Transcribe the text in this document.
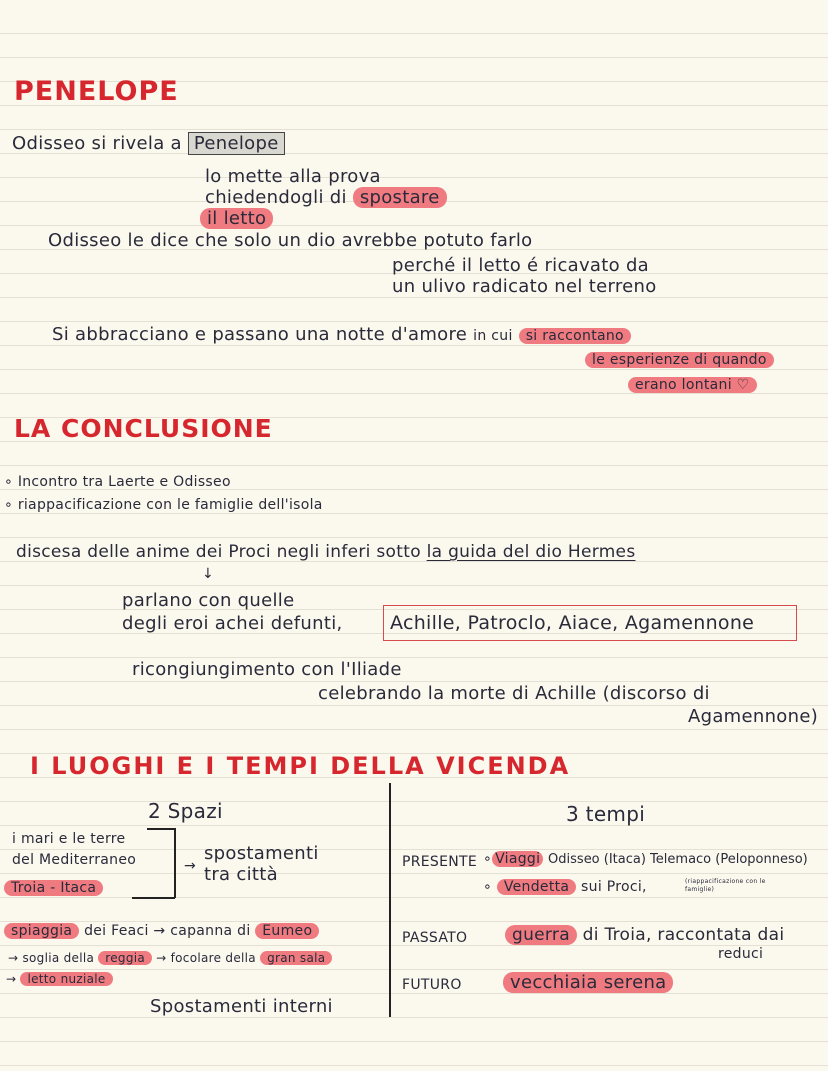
PENELOPE
Odisseo si rivela a Penelope
lo mette alla prova
chiedendogli di spostare
il letto
Odisseo le dice che solo un dio avrebbe potuto farlo
perché il letto é ricavato da
un ulivo radicato nel terreno
Si abbracciano e passano una notte d'amore in cui si raccontano
le esperienze di quando
erano lontani ♡
LA CONCLUSIONE
∘ Incontro tra Laerte e Odisseo
∘ riappacificazione con le famiglie dell'isola
discesa delle anime dei Proci negli inferi sotto la guida del dio Hermes
↓
parlano con quelle
degli eroi achei defunti, Achille, Patroclo, Aiace, Agamennone
ricongiungimento con l'Iliade
celebrando la morte di Achille (discorso di
Agamennone)
I LUOGHI E I TEMPI DELLA VICENDA
2 Spazi	3 tempi
i mari e le terre
del Mediterraneo
Troia - Itaca
→
spostamenti
tra città
spiaggia dei Feaci → capanna di Eumeo
→ soglia della reggia → focolare della gran sala
→ letto nuziale
Spostamenti interni
PRESENTE ∘ Viaggi Odisseo (Itaca) Telemaco (Peloponneso)
∘ Vendetta sui Proci,	(riappacificazione con le famiglie)
PASSATO	guerra di Troia, raccontata dai
reduci
FUTURO	vecchiaia serena
